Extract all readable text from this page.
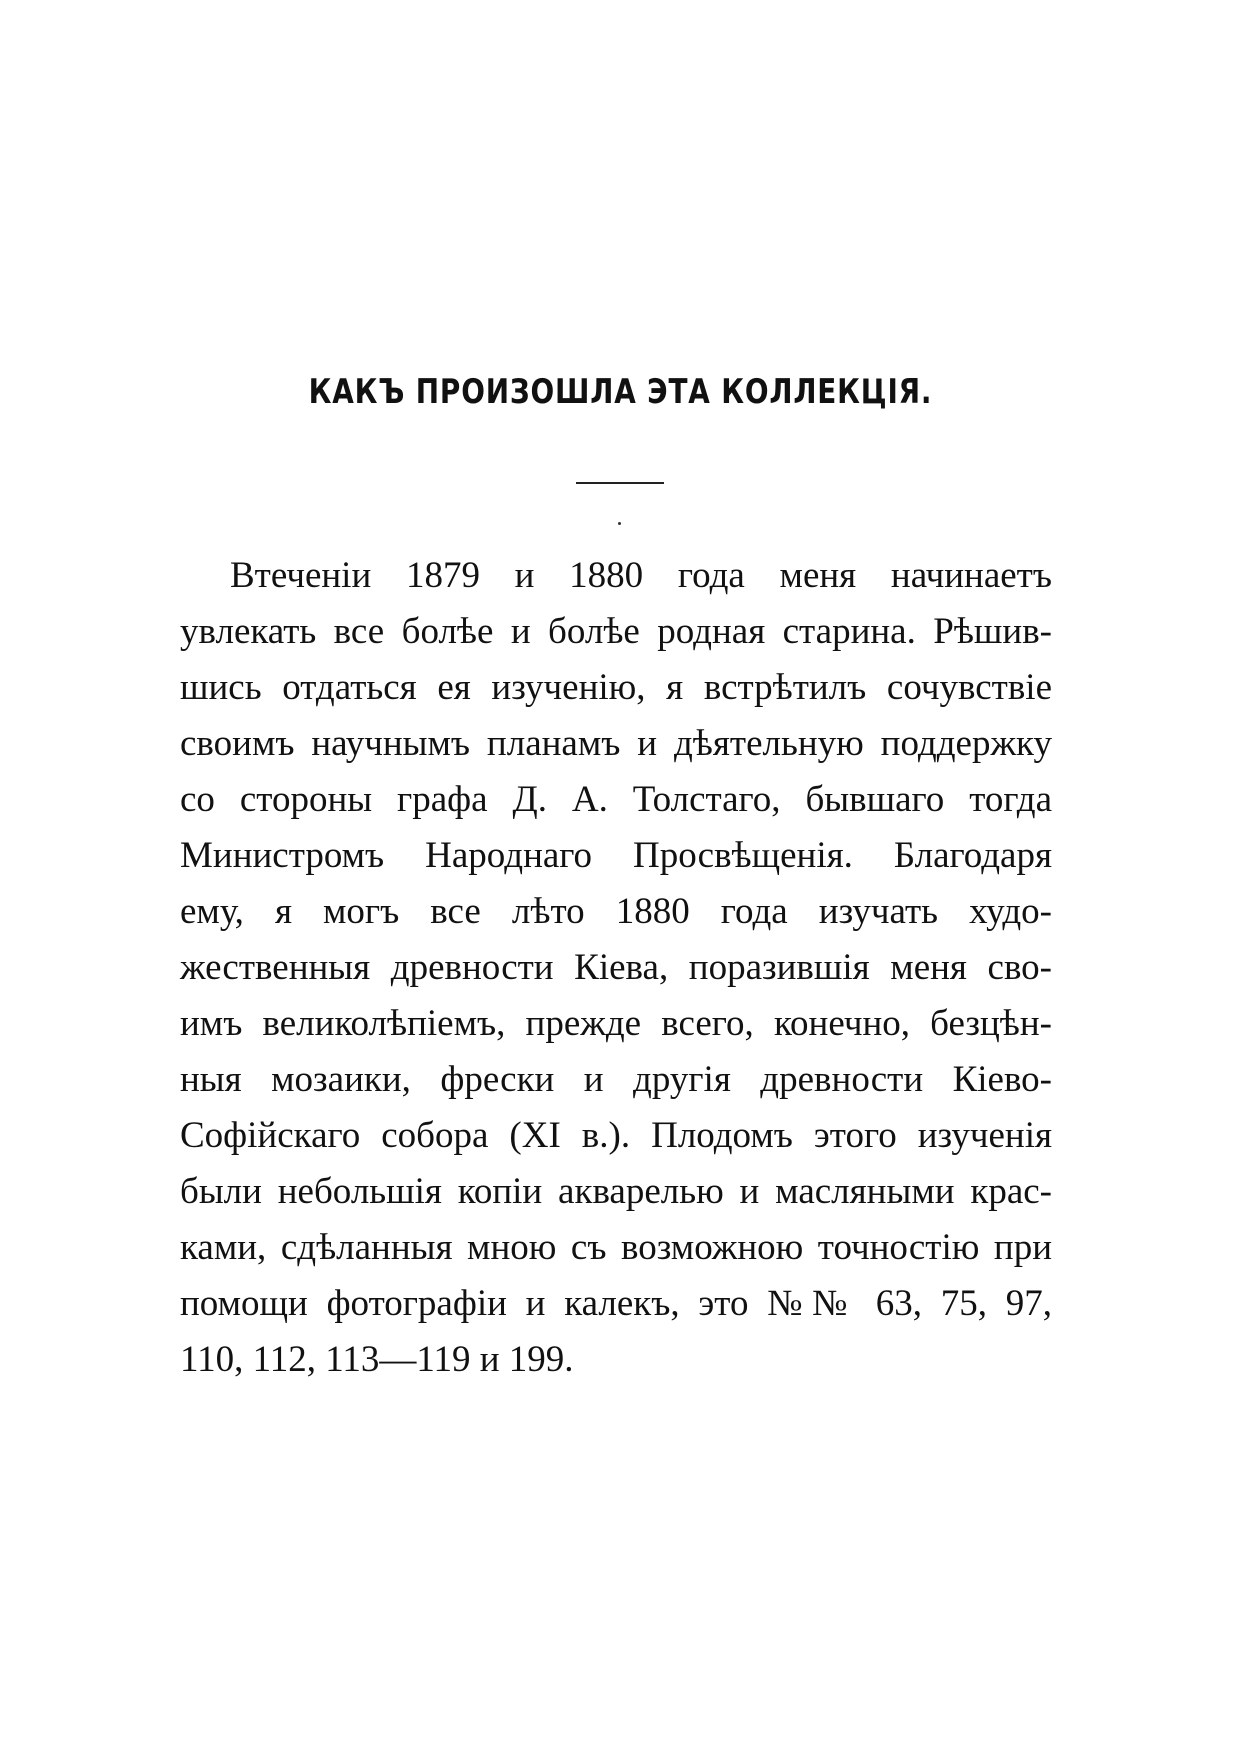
КАКЪ ПРОИЗОШЛА ЭТА КОЛЛЕКЦІЯ.
Втеченіи 1879 и 1880 года меня начинаетъ
увлекать все болѣе и болѣе родная старина. Рѣшив-
шись отдаться ея изученію, я встрѣтилъ сочувствіе
своимъ научнымъ планамъ и дѣятельную поддержку
со стороны графа Д. А. Толстаго, бывшаго тогда
Министромъ Народнаго Просвѣщенія. Благодаря
ему, я могъ все лѣто 1880 года изучать худо-
жественныя древности Кіева, поразившія меня сво-
имъ великолѣпіемъ, прежде всего, конечно, безцѣн-
ныя мозаики, фрески и другія древности Кіево-
Софійскаго собора (XI в.). Плодомъ этого изученія
были небольшія копіи акварелью и масляными крас-
ками, сдѣланныя мною съ возможною точностію при
помощи фотографіи и калекъ, это №№ 63, 75, 97,
110, 112, 113—119 и 199.
